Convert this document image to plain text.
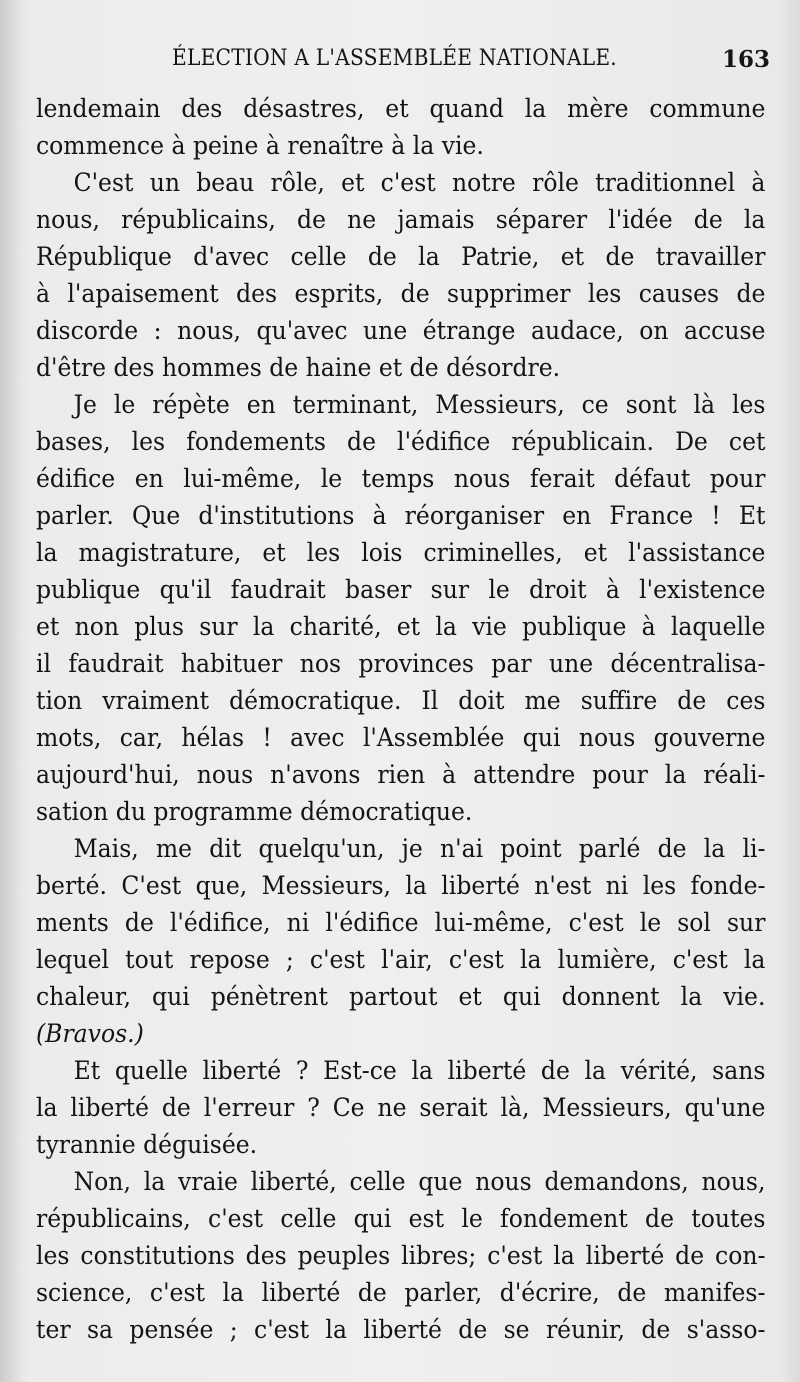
ÉLECTION A L'ASSEMBLÉE NATIONALE.	163
lendemain des désastres, et quand la mère commune
commence à peine à renaître à la vie.
C'est un beau rôle, et c'est notre rôle traditionnel à
nous, républicains, de ne jamais séparer l'idée de la
République d'avec celle de la Patrie, et de travailler
à l'apaisement des esprits, de supprimer les causes de
discorde : nous, qu'avec une étrange audace, on accuse
d'être des hommes de haine et de désordre.
Je le répète en terminant, Messieurs, ce sont là les
bases, les fondements de l'édifice républicain. De cet
édifice en lui-même, le temps nous ferait défaut pour
parler. Que d'institutions à réorganiser en France ! Et
la magistrature, et les lois criminelles, et l'assistance
publique qu'il faudrait baser sur le droit à l'existence
et non plus sur la charité, et la vie publique à laquelle
il faudrait habituer nos provinces par une décentralisa-
tion vraiment démocratique. Il doit me suffire de ces
mots, car, hélas ! avec l'Assemblée qui nous gouverne
aujourd'hui, nous n'avons rien à attendre pour la réali-
sation du programme démocratique.
Mais, me dit quelqu'un, je n'ai point parlé de la li-
berté. C'est que, Messieurs, la liberté n'est ni les fonde-
ments de l'édifice, ni l'édifice lui-même, c'est le sol sur
lequel tout repose ; c'est l'air, c'est la lumière, c'est la
chaleur, qui pénètrent partout et qui donnent la vie.
(Bravos.)
Et quelle liberté ? Est-ce la liberté de la vérité, sans
la liberté de l'erreur ? Ce ne serait là, Messieurs, qu'une
tyrannie déguisée.
Non, la vraie liberté, celle que nous demandons, nous,
républicains, c'est celle qui est le fondement de toutes
les constitutions des peuples libres; c'est la liberté de con-
science, c'est la liberté de parler, d'écrire, de manifes-
ter sa pensée ; c'est la liberté de se réunir, de s'asso-
